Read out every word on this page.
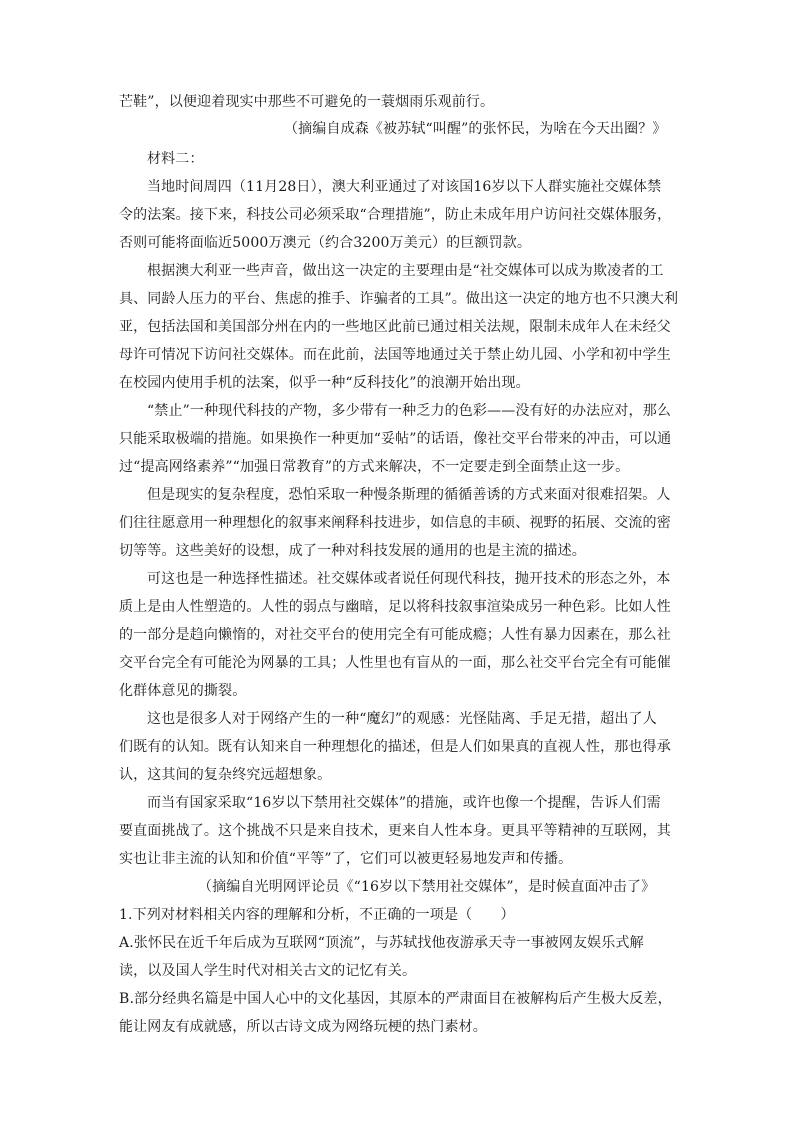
芒鞋”，以便迎着现实中那些不可避免的一蓑烟雨乐观前行。
（摘编自成森《被苏轼“叫醒”的张怀民，为啥在今天出圈？》
材料二：
当地时间周四（11月28日），澳大利亚通过了对该国16岁以下人群实施社交媒体禁
令的法案。接下来，科技公司必须采取“合理措施”，防止未成年用户访问社交媒体服务，
否则可能将面临近5000万澳元（约合3200万美元）的巨额罚款。
根据澳大利亚一些声音，做出这一决定的主要理由是“社交媒体可以成为欺凌者的工
具、同龄人压力的平台、焦虑的推手、诈骗者的工具”。做出这一决定的地方也不只澳大利
亚，包括法国和美国部分州在内的一些地区此前已通过相关法规，限制未成年人在未经父
母许可情况下访问社交媒体。而在此前，法国等地通过关于禁止幼儿园、小学和初中学生
在校园内使用手机的法案，似乎一种“反科技化”的浪潮开始出现。
“禁止”一种现代科技的产物，多少带有一种乏力的色彩——没有好的办法应对，那么
只能采取极端的措施。如果换作一种更加“妥帖”的话语，像社交平台带来的冲击，可以通
过“提高网络素养”“加强日常教育”的方式来解决，不一定要走到全面禁止这一步。
但是现实的复杂程度，恐怕采取一种慢条斯理的循循善诱的方式来面对很难招架。人
们往往愿意用一种理想化的叙事来阐释科技进步，如信息的丰硕、视野的拓展、交流的密
切等等。这些美好的设想，成了一种对科技发展的通用的也是主流的描述。
可这也是一种选择性描述。社交媒体或者说任何现代科技，抛开技术的形态之外，本
质上是由人性塑造的。人性的弱点与幽暗，足以将科技叙事渲染成另一种色彩。比如人性
的一部分是趋向懒惰的，对社交平台的使用完全有可能成瘾；人性有暴力因素在，那么社
交平台完全有可能沦为网暴的工具；人性里也有盲从的一面，那么社交平台完全有可能催
化群体意见的撕裂。
这也是很多人对于网络产生的一种“魔幻”的观感：光怪陆离、手足无措，超出了人
们既有的认知。既有认知来自一种理想化的描述，但是人们如果真的直视人性，那也得承
认，这其间的复杂终究远超想象。
而当有国家采取“16岁以下禁用社交媒体”的措施，或许也像一个提醒，告诉人们需
要直面挑战了。这个挑战不只是来自技术，更来自人性本身。更具平等精神的互联网，其
实也让非主流的认知和价值“平等”了，它们可以被更轻易地发声和传播。
（摘编自光明网评论员《“16岁以下禁用社交媒体”，是时候直面冲击了》
1.下列对材料相关内容的理解和分析，不正确的一项是（　　）
A.张怀民在近千年后成为互联网“顶流”，与苏轼找他夜游承天寺一事被网友娱乐式解
读，以及国人学生时代对相关古文的记忆有关。
B.部分经典名篇是中国人心中的文化基因，其原本的严肃面目在被解构后产生极大反差，
能让网友有成就感，所以古诗文成为网络玩梗的热门素材。
